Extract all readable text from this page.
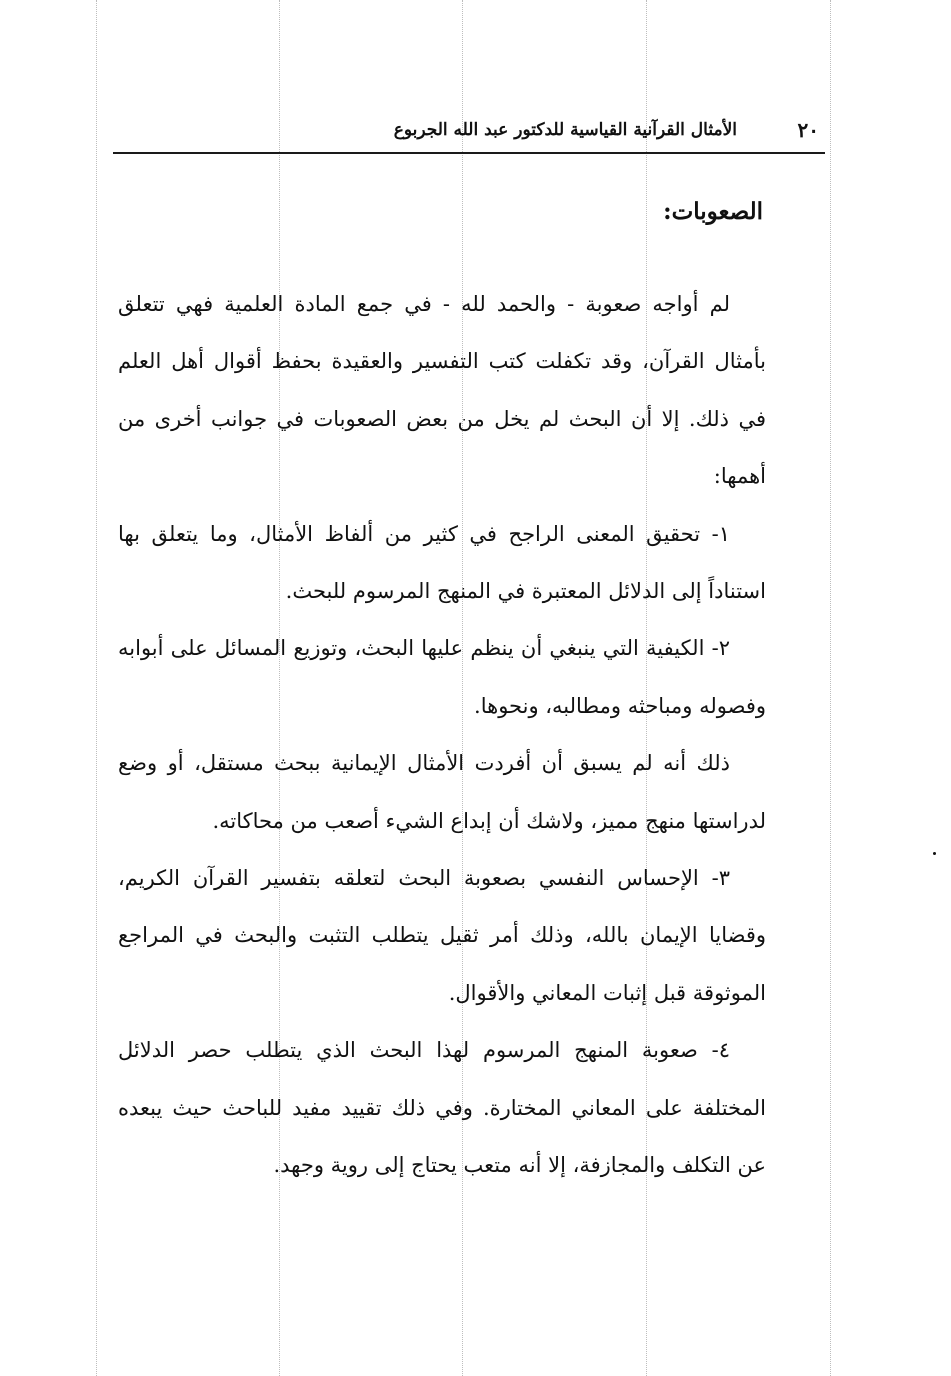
٢٠
الأمثال القرآنية القياسية للدكتور عبد الله الجربوع
الصعوبات:

لم أواجه صعوبة - والحمد لله - في جمع المادة العلمية فهي تتعلق بأمثال القرآن، وقد تكفلت كتب التفسير والعقيدة بحفظ أقوال أهل العلم في ذلك. إلا أن البحث لم يخل من بعض الصعوبات في جوانب أخرى من أهمها:

١- تحقيق المعنى الراجح في كثير من ألفاظ الأمثال، وما يتعلق بها استناداً إلى الدلائل المعتبرة في المنهج المرسوم للبحث.

٢- الكيفية التي ينبغي أن ينظم عليها البحث، وتوزيع المسائل على أبوابه وفصوله ومباحثه ومطالبه، ونحوها.

ذلك أنه لم يسبق أن أفردت الأمثال الإيمانية ببحث مستقل، أو وضع لدراستها منهج مميز، ولاشك أن إبداع الشيء أصعب من محاكاته.

٣- الإحساس النفسي بصعوبة البحث لتعلقه بتفسير القرآن الكريم، وقضايا الإيمان بالله، وذلك أمر ثقيل يتطلب التثبت والبحث في المراجع الموثوقة قبل إثبات المعاني والأقوال.

٤- صعوبة المنهج المرسوم لهذا البحث الذي يتطلب حصر الدلائل المختلفة على المعاني المختارة. وفي ذلك تقييد مفيد للباحث حيث يبعده عن التكلف والمجازفة، إلا أنه متعب يحتاج إلى روية وجهد.
